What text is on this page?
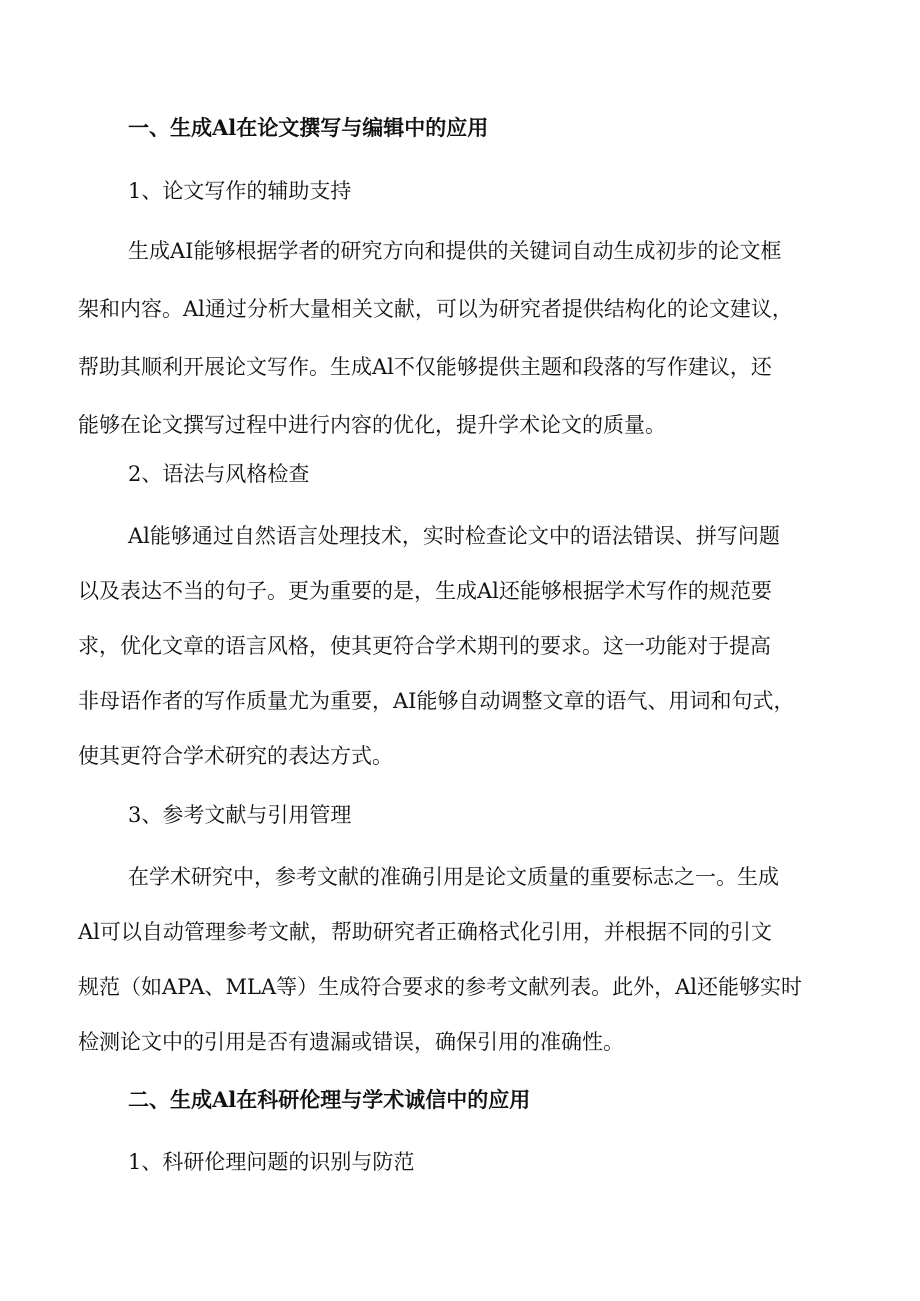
一、生成Al在论文撰写与编辑中的应用
1、论文写作的辅助支持
生成AI能够根据学者的研究方向和提供的关键词自动生成初步的论文框
架和内容。Al通过分析大量相关文献，可以为研究者提供结构化的论文建议，
帮助其顺利开展论文写作。生成Al不仅能够提供主题和段落的写作建议，还
能够在论文撰写过程中进行内容的优化，提升学术论文的质量。
2、语法与风格检查
Al能够通过自然语言处理技术，实时检查论文中的语法错误、拼写问题
以及表达不当的句子。更为重要的是，生成Al还能够根据学术写作的规范要
求，优化文章的语言风格，使其更符合学术期刊的要求。这一功能对于提高
非母语作者的写作质量尤为重要，AI能够自动调整文章的语气、用词和句式，
使其更符合学术研究的表达方式。
3、参考文献与引用管理
在学术研究中，参考文献的准确引用是论文质量的重要标志之一。生成
Al可以自动管理参考文献，帮助研究者正确格式化引用，并根据不同的引文
规范（如APA、MLA等）生成符合要求的参考文献列表。此外，Al还能够实时
检测论文中的引用是否有遗漏或错误，确保引用的准确性。
二、生成Al在科研伦理与学术诚信中的应用
1、科研伦理问题的识别与防范
